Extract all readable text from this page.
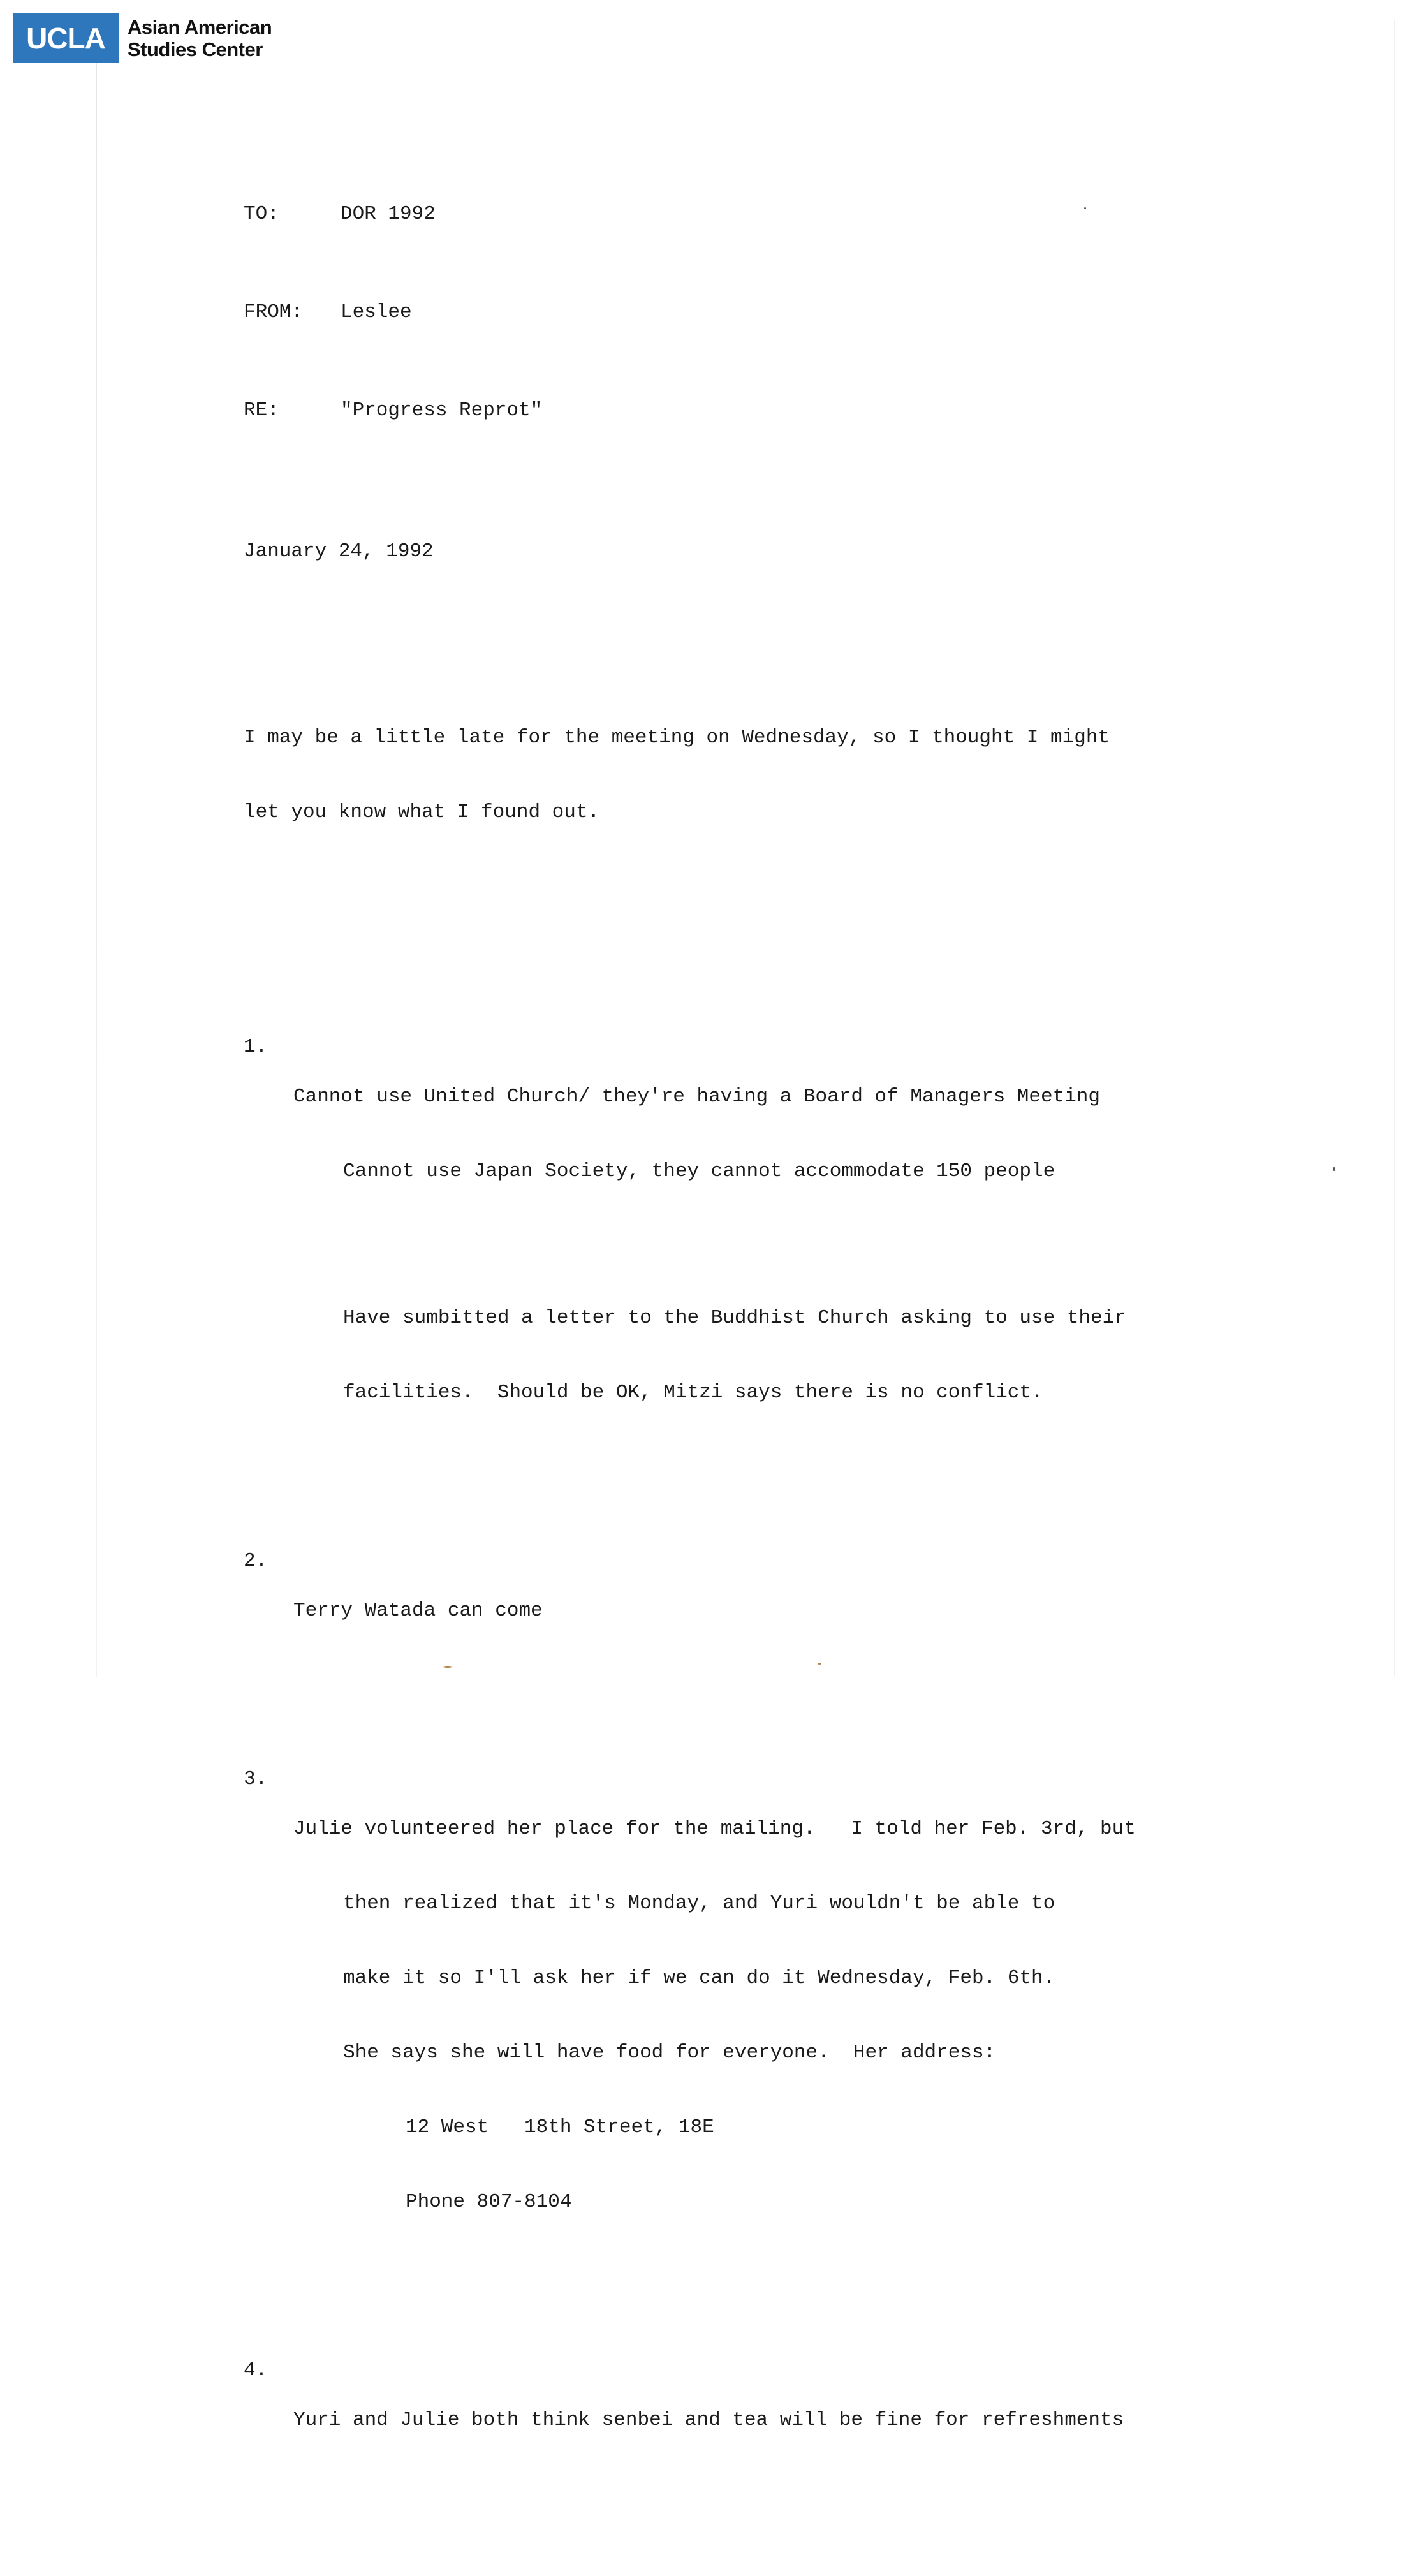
UCLA	Asian American
Studies Center

TO:	DOR 1992

FROM:	Leslee

RE:	"Progress Reprot"

January 24, 1992

I may be a little late for the meeting on Wednesday, so I thought I might

let you know what I found out.

1.

Cannot use United Church/ they're having a Board of Managers Meeting

Cannot use Japan Society, they cannot accommodate 150 people

Have sumbitted a letter to the Buddhist Church asking to use their

facilities.  Should be OK, Mitzi says there is no conflict.

2.

Terry Watada can come

3.

Julie volunteered her place for the mailing.   I told her Feb. 3rd, but

then realized that it's Monday, and Yuri wouldn't be able to

make it so I'll ask her if we can do it Wednesday, Feb. 6th.

She says she will have food for everyone.  Her address:

12 West   18th Street, 18E

Phone 807-8104

4.

Yuri and Julie both think senbei and tea will be fine for refreshments
